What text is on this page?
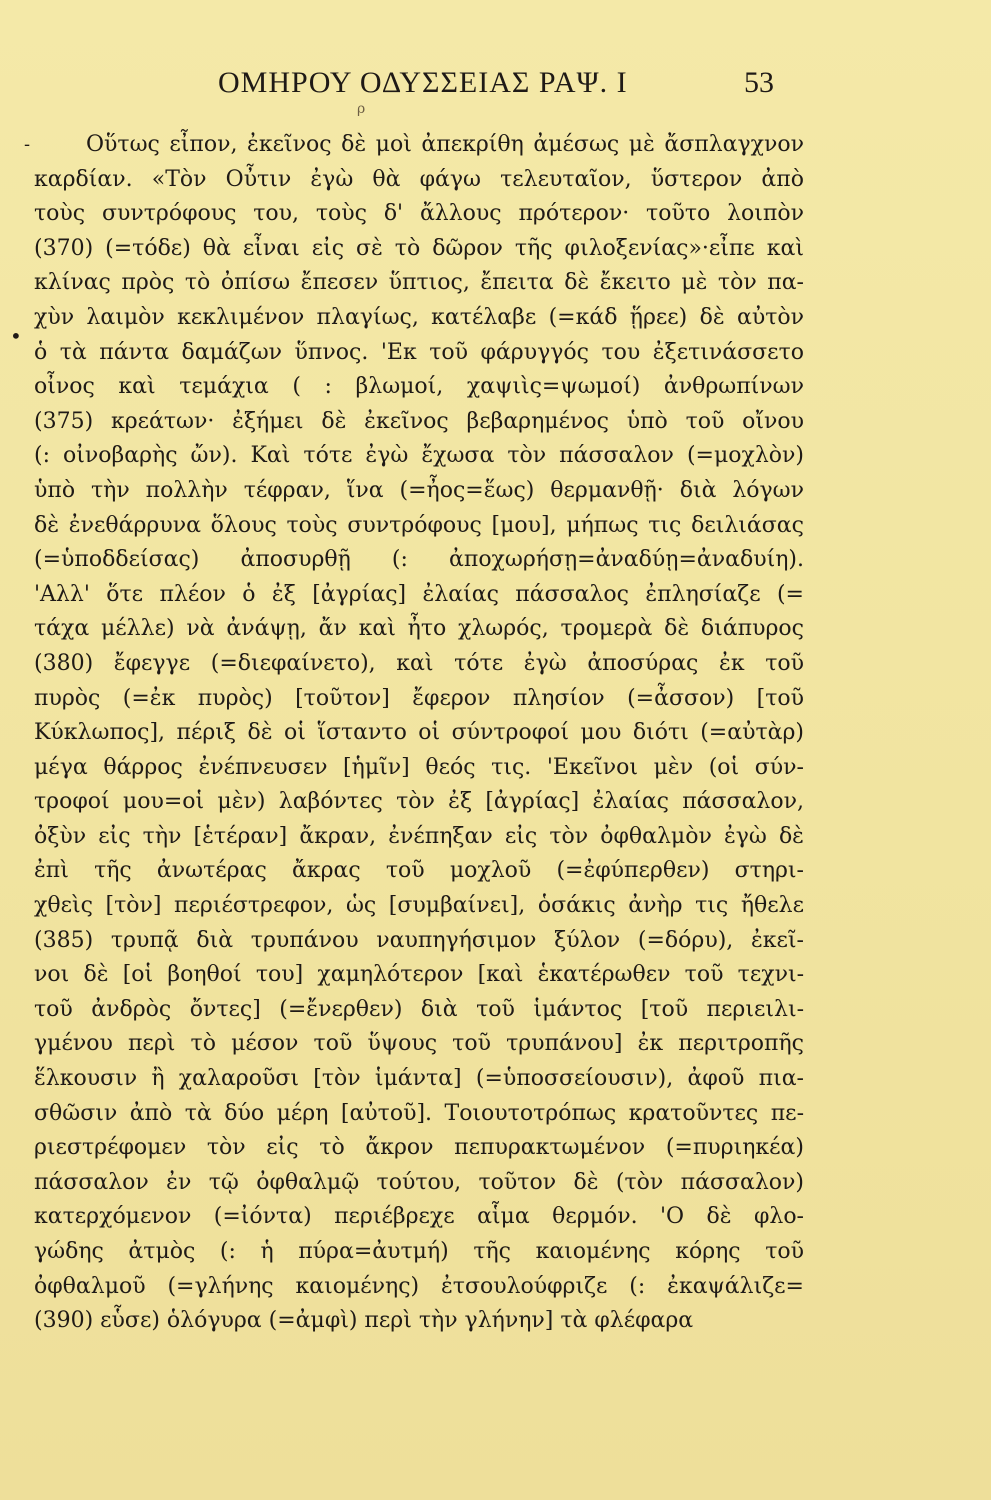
ΟΜΗΡΟΥ ΟΔΥΣΣΕΙΑΣ ΡΑΨ. Ι	53
ρ
-
•
Οὕτως εἶπον, ἐκεῖνος δὲ μοὶ ἀπεκρίθη ἀμέσως μὲ ἄσπλαγχνον
καρδίαν. «Τὸν Οὖτιν ἐγὼ θὰ φάγω τελευταῖον, ὕστερον ἀπὸ
τοὺς συντρόφους του, τοὺς δ' ἄλλους πρότερον· τοῦτο λοιπὸν
(370) (=τόδε) θὰ εἶναι εἰς σὲ τὸ δῶρον τῆς φιλοξενίας»·εἶπε καὶ
κλίνας πρὸς τὸ ὀπίσω ἔπεσεν ὕπτιος, ἔπειτα δὲ ἔκειτο μὲ τὸν πα-
χὺν λαιμὸν κεκλιμένον πλαγίως, κατέλαβε (=κάδ ᾕρεε) δὲ αὐτὸν
ὁ τὰ πάντα δαμάζων ὕπνος. 'Εκ τοῦ φάρυγγός του ἐξετινάσσετο
οἶνος καὶ τεμάχια ( : βλωμοί, χαψιὶς=ψωμοί) ἀνθρωπίνων
(375) κρεάτων· ἐξήμει δὲ ἐκεῖνος βεβαρημένος ὑπὸ τοῦ οἴνου
(: οἰνοβαρὴς ὤν). Καὶ τότε ἐγὼ ἔχωσα τὸν πάσσαλον (=μοχλὸν)
ὑπὸ τὴν πολλὴν τέφραν, ἵνα (=ἦος=ἕως) θερμανθῇ· διὰ λόγων
δὲ ἐνεθάρρυνα ὅλους τοὺς συντρόφους [μου], μήπως τις δειλιάσας
(=ὑποδδείσας) ἀποσυρθῇ (: ἀποχωρήσῃ=ἀναδύῃ=ἀναδυίη).
'Αλλ' ὅτε πλέον ὁ ἐξ [ἀγρίας] ἐλαίας πάσσαλος ἐπλησίαζε (=
τάχα μέλλε) νὰ ἀνάψῃ, ἄν καὶ ἦτο χλωρός, τρομερὰ δὲ διάπυρος
(380) ἔφεγγε (=διεφαίνετο), καὶ τότε ἐγὼ ἀποσύρας ἐκ τοῦ
πυρὸς (=ἐκ πυρὸς) [τοῦτον] ἔφερον πλησίον (=ἆσσον) [τοῦ
Κύκλωπος], πέριξ δὲ οἱ ἵσταντο οἱ σύντροφοί μου διότι (=αὐτὰρ)
μέγα θάρρος ἐνέπνευσεν [ἡμῖν] θεός τις. 'Εκεῖνοι μὲν (οἱ σύν-
τροφοί μου=οἱ μὲν) λαβόντες τὸν ἐξ [ἀγρίας] ἐλαίας πάσσαλον,
ὀξὺν εἰς τὴν [ἑτέραν] ἄκραν, ἐνέπηξαν εἰς τὸν ὀφθαλμὸν ἐγὼ δὲ
ἐπὶ τῆς ἀνωτέρας ἄκρας τοῦ μοχλοῦ (=ἐφύπερθεν) στηρι-
χθεὶς [τὸν] περιέστρεφον, ὡς [συμβαίνει], ὁσάκις ἀνὴρ τις ἤθελε
(385) τρυπᾷ διὰ τρυπάνου ναυπηγήσιμον ξύλον (=δόρυ), ἐκεῖ-
νοι δὲ [οἱ βοηθοί του] χαμηλότερον [καὶ ἑκατέρωθεν τοῦ τεχνι-
τοῦ ἀνδρὸς ὄντες] (=ἔνερθεν) διὰ τοῦ ἱμάντος [τοῦ περιειλι-
γμένου περὶ τὸ μέσον τοῦ ὕψους τοῦ τρυπάνου] ἐκ περιτροπῆς
ἕλκουσιν ἢ χαλαροῦσι [τὸν ἱμάντα] (=ὑποσσείουσιν), ἀφοῦ πια-
σθῶσιν ἀπὸ τὰ δύο μέρη [αὐτοῦ]. Τοιουτοτρόπως κρατοῦντες πε-
ριεστρέφομεν τὸν εἰς τὸ ἄκρον πεπυρακτωμένον (=πυριηκέα)
πάσσαλον ἐν τῷ ὀφθαλμῷ τούτου, τοῦτον δὲ (τὸν πάσσαλον)
κατερχόμενον (=ἰόντα) περιέβρεχε αἷμα θερμόν. 'Ο δὲ φλο-
γώδης ἀτμὸς (: ἡ πύρα=ἀυτμή) τῆς καιομένης κόρης τοῦ
ὀφθαλμοῦ (=γλήνης καιομένης) ἐτσουλούφριζε (: ἐκαψάλιζε=
(390) εὗσε) ὁλόγυρα (=ἀμφὶ) περὶ τὴν γλήνην] τὰ φλέφαρα
